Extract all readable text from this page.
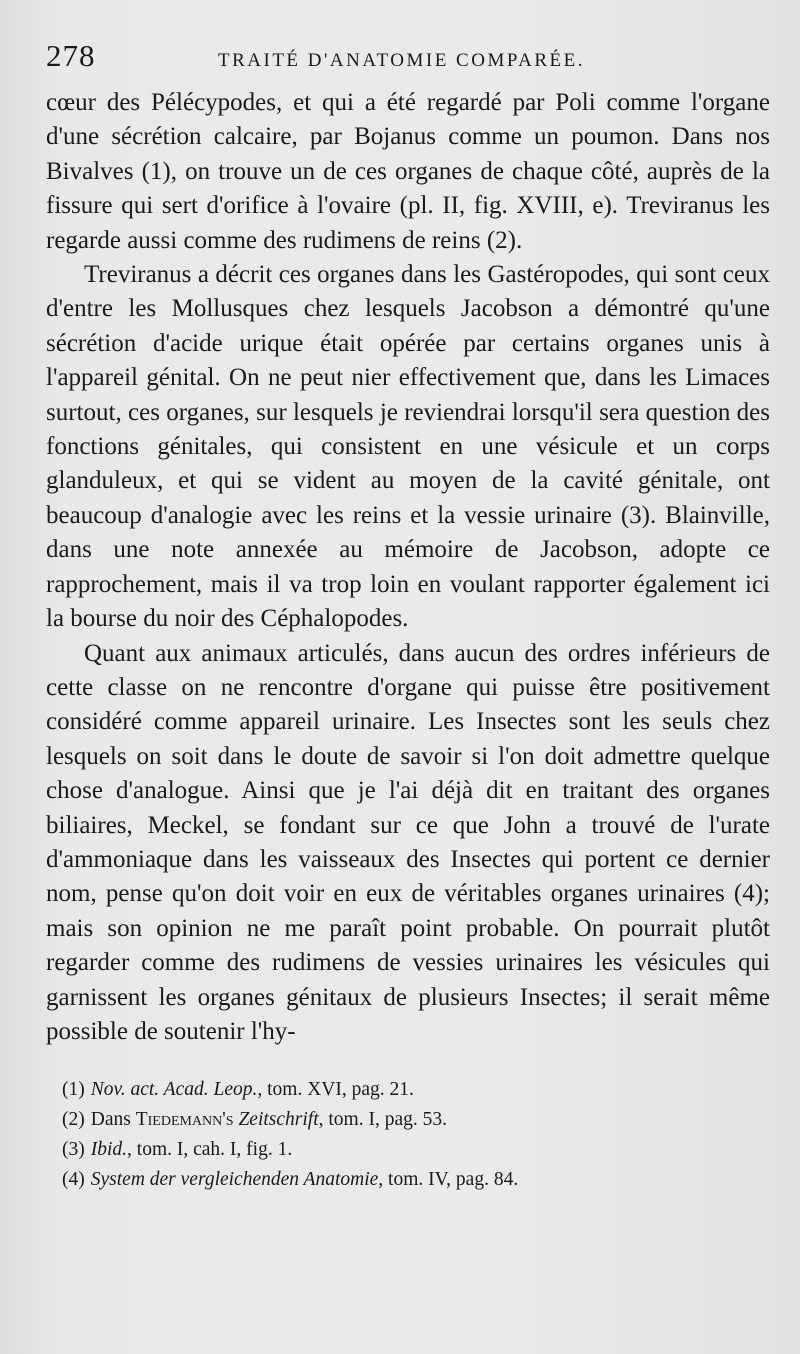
278	TRAITÉ D'ANATOMIE COMPARÉE.

cœur des Pélécypodes, et qui a été regardé par Poli comme l'organe d'une sécrétion calcaire, par Bojanus comme un poumon. Dans nos Bivalves (1), on trouve un de ces organes de chaque côté, auprès de la fissure qui sert d'orifice à l'ovaire (pl. II, fig. XVIII, e). Treviranus les regarde aussi comme des rudimens de reins (2).

Treviranus a décrit ces organes dans les Gastéropodes, qui sont ceux d'entre les Mollusques chez lesquels Jacobson a démontré qu'une sécrétion d'acide urique était opérée par certains organes unis à l'appareil génital. On ne peut nier effectivement que, dans les Limaces surtout, ces organes, sur lesquels je reviendrai lorsqu'il sera question des fonctions génitales, qui consistent en une vésicule et un corps glanduleux, et qui se vident au moyen de la cavité génitale, ont beaucoup d'analogie avec les reins et la vessie urinaire (3). Blainville, dans une note annexée au mémoire de Jacobson, adopte ce rapprochement, mais il va trop loin en voulant rapporter également ici la bourse du noir des Céphalopodes.

Quant aux animaux articulés, dans aucun des ordres inférieurs de cette classe on ne rencontre d'organe qui puisse être positivement considéré comme appareil urinaire. Les Insectes sont les seuls chez lesquels on soit dans le doute de savoir si l'on doit admettre quelque chose d'analogue. Ainsi que je l'ai déjà dit en traitant des organes biliaires, Meckel, se fondant sur ce que John a trouvé de l'urate d'ammoniaque dans les vaisseaux des Insectes qui portent ce dernier nom, pense qu'on doit voir en eux de véritables organes urinaires (4); mais son opinion ne me paraît point probable. On pourrait plutôt regarder comme des rudimens de vessies urinaires les vésicules qui garnissent les organes génitaux de plusieurs Insectes; il serait même possible de soutenir l'hy-

(1) Nov. act. Acad. Leop., tom. XVI, pag. 21.
(2) Dans Tiedemann's Zeitschrift, tom. I, pag. 53.
(3) Ibid., tom. I, cah. I, fig. 1.
(4) System der vergleichenden Anatomie, tom. IV, pag. 84.
